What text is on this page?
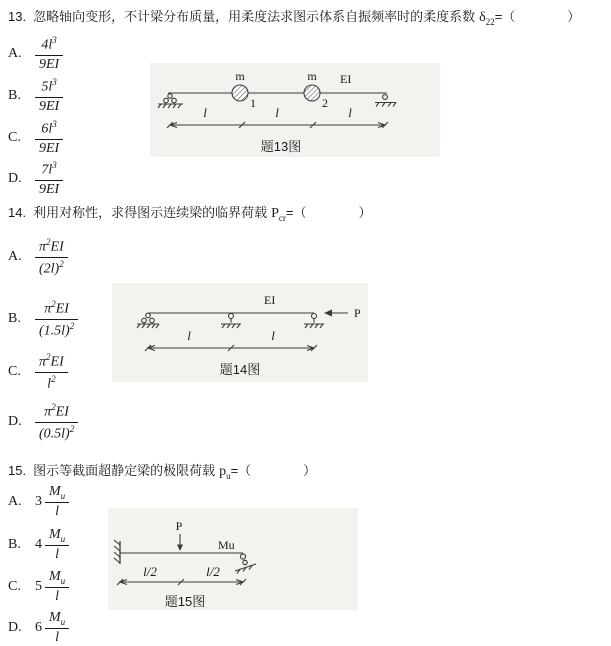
13. 忽略轴向变形，不计梁分布质量，用柔度法求图示体系自振频率时的柔度系数 $\delta_{22}=$（　　　　）
A. $\frac{4l^3}{9EI}$
B.	$\frac{5l^3}{9EI}$
C.	$\frac{6l^3}{9EI}$
D. $\frac{7l^3}{9EI}$
m	m
1	2
EI
l	l	l
题13图
14. 利用对称性，求得图示连续梁的临界荷载 $P_{cr}=$（　　　　）
A. $\frac{\pi^2EI}{(2l)^2}$
B.	$\frac{\pi^2EI}{(1.5l)^2}$
C.	$\frac{\pi^2EI}{l^2}$
D. $\frac{\pi^2EI}{(0.5l)^2}$
EI
P
l	l
题14图
15. 图示等截面超静定梁的极限荷载 $p_u=$（　　　　）
A. $3 \frac{M_u}{l}$
B.	$4 \frac{M_u}{l}$
C.	$5 \frac{M_u}{l}$
D. $6 \frac{M_u}{l}$
P
Mu
l/2	l/2
题15图
